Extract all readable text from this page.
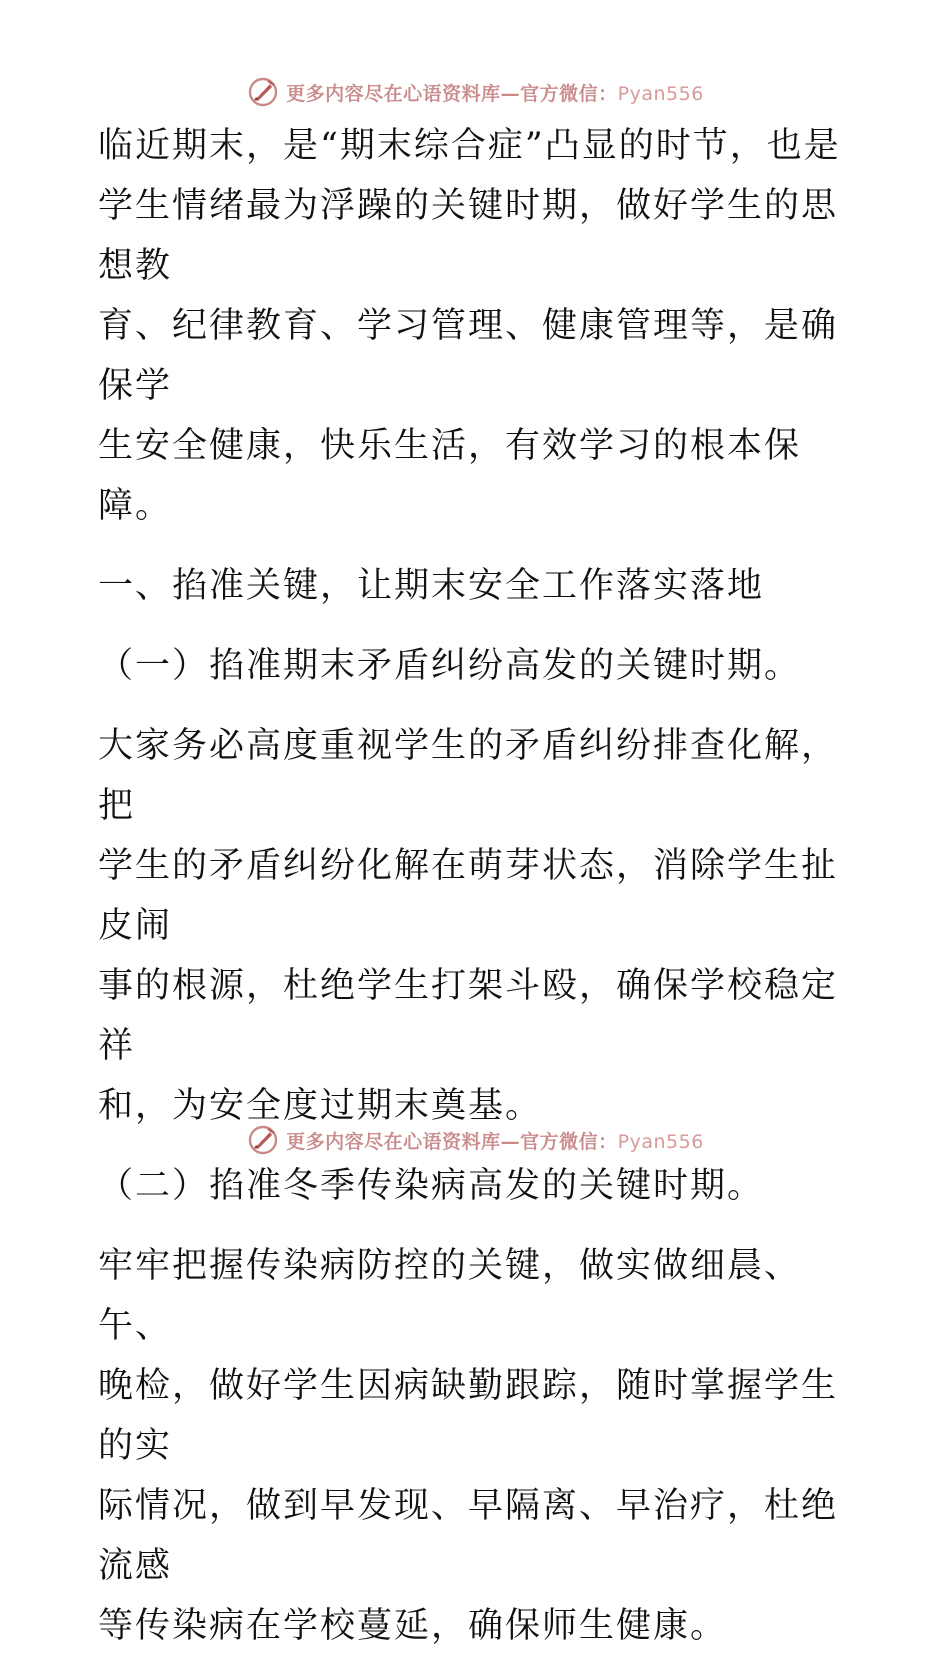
更多内容尽在心语资料库—官方微信：Pyan556

临近期末，是“期末综合症”凸显的时节，也是

学生情绪最为浮躁的关键时期，做好学生的思想教

育、纪律教育、学习管理、健康管理等，是确保学

生安全健康，快乐生活，有效学习的根本保障。

一、掐准关键，让期末安全工作落实落地

（一）掐准期末矛盾纠纷高发的关键时期。

大家务必高度重视学生的矛盾纠纷排查化解，把

学生的矛盾纠纷化解在萌芽状态，消除学生扯皮闹

事的根源，杜绝学生打架斗殴，确保学校稳定祥

和，为安全度过期末奠基。

（二）掐准冬季传染病高发的关键时期。

牢牢把握传染病防控的关键，做实做细晨、午、

晚检，做好学生因病缺勤跟踪，随时掌握学生的实

际情况，做到早发现、早隔离、早治疗，杜绝流感

等传染病在学校蔓延，确保师生健康。

更多内容尽在心语资料库—官方微信：Pyan556
